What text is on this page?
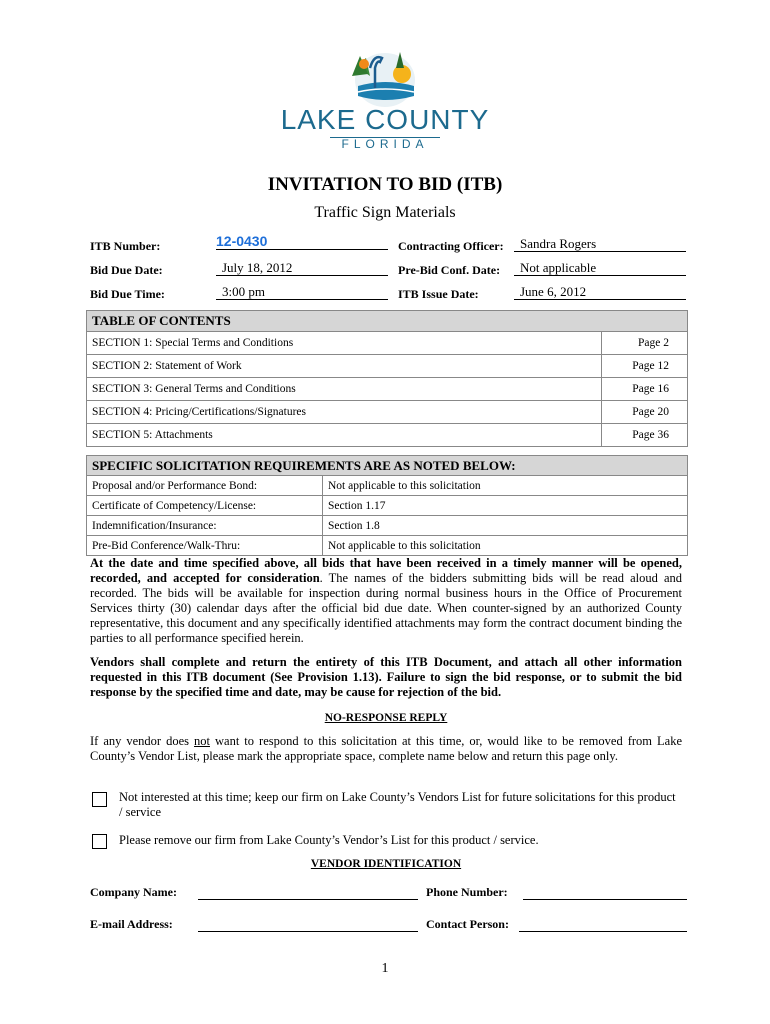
LAKE COUNTY
FLORIDA
INVITATION TO BID (ITB)
Traffic Sign Materials
ITB Number:	12-0430
Bid Due Date:	July 18, 2012
Bid Due Time:	3:00 pm
Contracting Officer:	Sandra Rogers
Pre-Bid Conf. Date:	Not applicable
ITB Issue Date:	June 6, 2012
TABLE OF CONTENTS	
SECTION 1: Special Terms and Conditions	Page 2
SECTION 2: Statement of Work	Page 12
SECTION 3: General Terms and Conditions	Page 16
SECTION 4: Pricing/Certifications/Signatures	Page 20
SECTION 5: Attachments	Page 36
SPECIFIC SOLICITATION REQUIREMENTS ARE AS NOTED BELOW:	
Proposal and/or Performance Bond:	Not applicable to this solicitation
Certificate of Competency/License:	Section 1.17
Indemnification/Insurance:	Section 1.8
Pre-Bid Conference/Walk-Thru:	Not applicable to this solicitation
At the date and time specified above, all bids that have been received in a timely manner will be opened, recorded, and accepted for consideration. The names of the bidders submitting bids will be read aloud and recorded. The bids will be available for inspection during normal business hours in the Office of Procurement Services thirty (30) calendar days after the official bid due date. When counter-signed by an authorized County representative, this document and any specifically identified attachments may form the contract document binding the parties to all performance specified herein.
Vendors shall complete and return the entirety of this ITB Document, and attach all other information requested in this ITB document (See Provision 1.13). Failure to sign the bid response, or to submit the bid response by the specified time and date, may be cause for rejection of the bid.
NO-RESPONSE REPLY
If any vendor does not want to respond to this solicitation at this time, or, would like to be removed from Lake County’s Vendor List, please mark the appropriate space, complete name below and return this page only.
Not interested at this time; keep our firm on Lake County’s Vendors List for future solicitations for this product / service
Please remove our firm from Lake County’s Vendor’s List for this product / service.
VENDOR IDENTIFICATION
Company Name:	Phone Number:
E-mail Address:	Contact Person:
1
